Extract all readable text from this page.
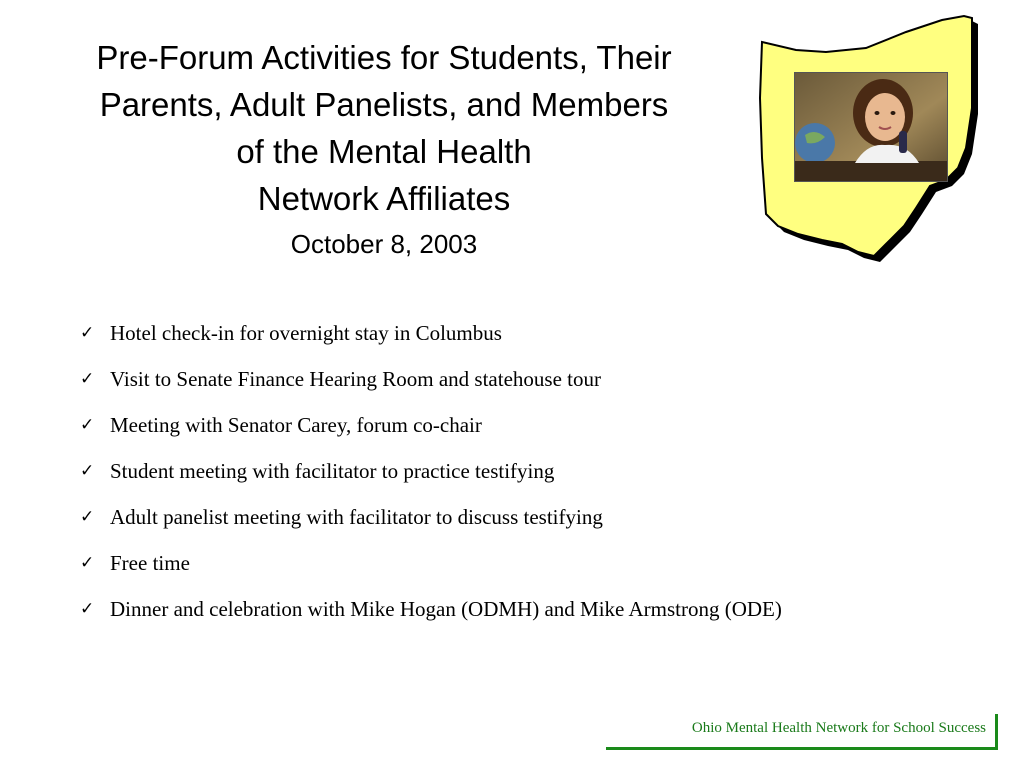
Pre-Forum Activities for Students, Their

Parents, Adult Panelists, and Members

of the Mental Health

Network Affiliates

October 8, 2003

✓ Hotel check-in for overnight stay in Columbus
✓ Visit to Senate Finance Hearing Room and statehouse tour
✓ Meeting with Senator Carey, forum co-chair
✓ Student meeting with facilitator to practice testifying
✓ Adult panelist meeting with facilitator to discuss testifying
✓ Free time
✓ Dinner and celebration with Mike Hogan (ODMH) and Mike Armstrong (ODE)
Ohio Mental Health Network for School Success
